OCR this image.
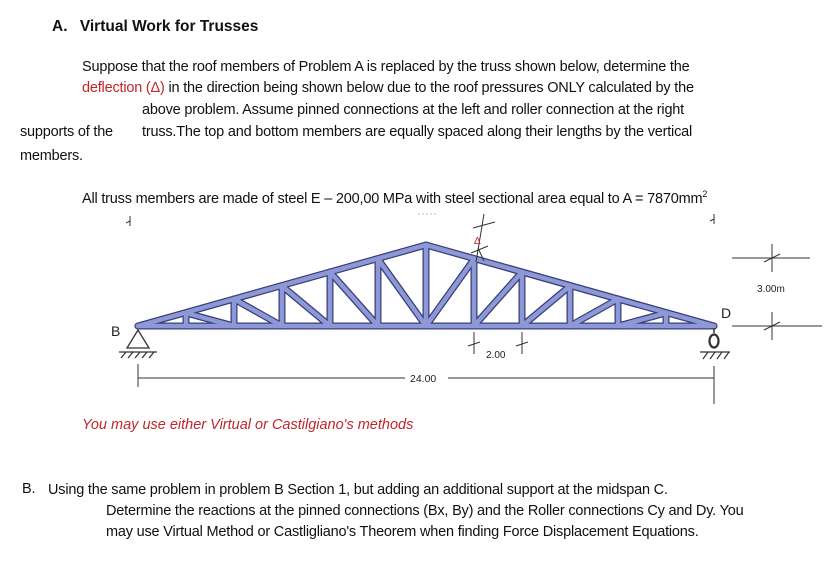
A. Virtual Work for Trusses
Suppose that the roof members of Problem A is replaced by the truss shown below, determine the
deflection (Δ) in the direction being shown below due to the roof pressures ONLY calculated by the
above problem. Assume pinned connections at the left and roller connection at the right
supports of the truss.The top and bottom members are equally spaced along their lengths by the vertical
members.
All truss members are made of steel E – 200,00 MPa with steel sectional area equal to $A = 7870mm^2$
B
D
Δ
2.00
24.00
3.00m
You may use either Virtual or Castilgiano's methods
B. Using the same problem in problem B Section 1, but adding an additional support at the midspan C.
Determine the reactions at the pinned connections (Bx, By) and the Roller connections Cy and Dy. You
may use Virtual Method or Castligliano's Theorem when finding Force Displacement Equations.
